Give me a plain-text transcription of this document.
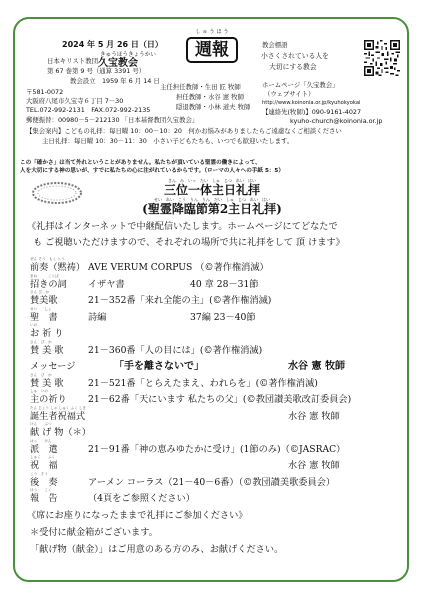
2024 年 5 月 26 日（日）
きゅうほうきょうかい
日本キリスト教団 久宝教会
第 67 巻第 9 号（通算 3391 号）
教会設立　1959 年 6 月 14 日
〒581-0072
大阪府八尾市久宝寺６丁目 7－30
TEL.072-992-2131　FAX.072-992-2135
郵便振替：00980－5－212130 「日本基督教団久宝教会」
しゅうほう
週報
主任担任教師・生田 匠 牧師
担任教師・水谷 憲 牧師
隠退教師・小林 道夫 牧師
教会標語
小さくされている人を
大切にする教会
ホームページ「久宝教会」
（ウェブサイト）
http://www.koinonia.or.jp/kyuhokyokai
【連絡先(牧師)】090-9161-4027
kyuho-church@koinonia.or.jp
【集会案内】こどもの礼拝：毎日曜 10：00－10：20　何かお悩みがありましたらご遠慮なくご相談ください
主日礼拝：毎日曜 10：30－11：30　小さい子どもたちも、いつでも歓迎いたします。
この「確かさ」は当て外れということがありません。私たちが頂いている聖霊の働きによって、
人を大切にする神の思いが、すでに私たちの心に注がれているからです。（ローマの人々への手紙 5：5）
さん　み　いっ　たい　しゅ　じつ　れい　はい
三位一体主日礼拝
せい　れい　こう　りん　りん　だい　しゅ　じつ　れい　はい
(聖霊降臨節第2主日礼拝)
《礼拝はインターネットで中継配信いたします。ホームページにてどなたで
も ご視聴いただけますので、それぞれの場所で共に礼拝をして 頂 けます》
ぜん そう　もく とう
前奏（黙祷） AVE VERUM CORPUS （©著作権消滅）
まね　　　ことば
招きの詞 イザヤ書	40 章 28－31節
さん び　か
賛美歌	21－352番「来れ全能の主」(©著作権消滅)
せい　　しょ
聖　書	詩編	37編 23－40節
いの
お 祈 り
さん　び　か
賛 美 歌	21－360番「人の目には」(©著作権消滅)
メッセージ	「手を離さないで」	水谷 憲 牧師
さん　び　か
賛 美 歌	21－521番「とらえたまえ、われらを」(©著作権消滅)
しゅ　いの
主の祈り 21－62番「天にいます 私たちの父」(©教団讃美歌改訂委員会)
たん じょう しゃ しゅく ふく しき
誕生者祝福式	水谷 憲 牧師
けん　　ぶつ
献 げ 物（＊）
はっ　　けん
派　遣	21－91番「神の恵みゆたかに受け」(1節のみ)（©JASRAC）
しゅく　　ふく
祝　福	水谷 憲 牧師
こう　そう
後　奏	アーメン コーラス（21－40－6番）（©教団讃美歌委員会）
ほう　　こく
報　告	（4頁をご参照ください）
《席にお座りになったままで礼拝にご参加ください》
＊受付に献金箱がございます。
「献げ物（献金）」はご用意のある方のみ、お献げください。
